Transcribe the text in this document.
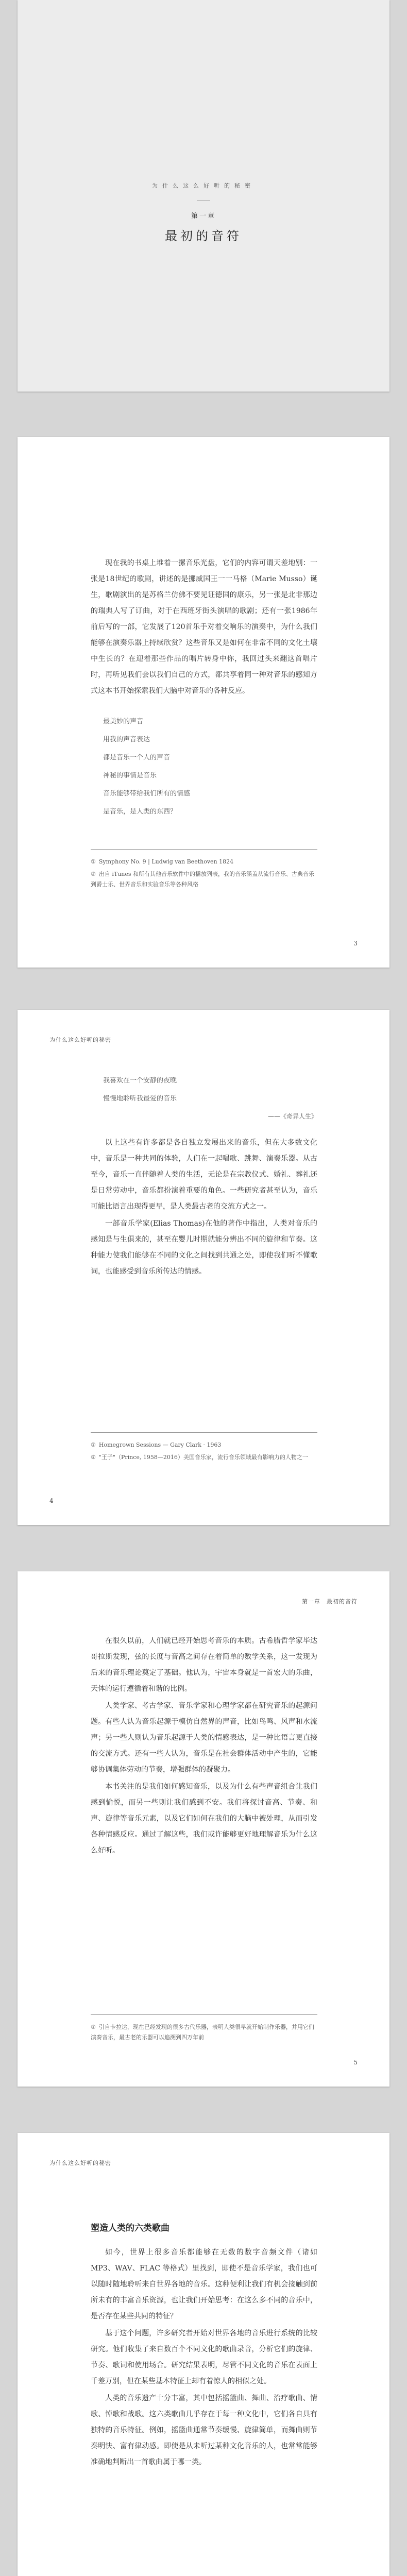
为什么这么好听的秘密
第一章
最初的音符

现在我的书桌上堆着一摞音乐光盘，它们的内容可谓天差地别：一张是18世纪的歌剧，讲述的是挪威国王一一马格（Marie Musso）诞生，歌剧演出的是苏格兰仿佛不要见证德国的康乐，另一张是北非那边的瑞典人写了订曲，对于在西班牙街头演唱的歌剧；还有一张1986年前后写的一部，它发展了120首乐手对着交响乐的演奏中，为什么我们能够在演奏乐器上持续欣赏？这些音乐又是如何在非常不同的文化土壤中生长的？在迎着那些作品的唱片转身中你，我回过头来翻这首唱片时，再听见我们会以我们自己的方式，都共享着同一种对音乐的感知方式这本书开始探索我们大脑中对音乐的各种反应。

最美妙的声音

用我的声音表达

都是音乐一个人的声音

神秘的事情是音乐

音乐能够带给我们所有的情感

是音乐，是人类的东西？

① Symphony No. 9 | Ludwig van Beethoven 1824

② 出自 iTunes 和所有其他音乐软件中的播放列表，我的音乐涵盖从流行音乐、古典音乐到爵士乐、世界音乐和实验音乐等各种风格

3
为什么这么好听的秘密

我喜欢在一个安静的夜晚

慢慢地聆听我最爱的音乐

——《奇异人生》

以上这些有许多都是各自独立发展出来的音乐，但在大多数文化中，音乐是一种共同的体验，人们在一起唱歌、跳舞、演奏乐器。从古至今，音乐一直伴随着人类的生活，无论是在宗教仪式、婚礼、葬礼还是日常劳动中，音乐都扮演着重要的角色。一些研究者甚至认为，音乐可能比语言出现得更早，是人类最古老的交流方式之一。

一部音乐学家(Elias Thomas)在他的著作中指出，人类对音乐的感知是与生俱来的，甚至在婴儿时期就能分辨出不同的旋律和节奏。这种能力使我们能够在不同的文化之间找到共通之处，即使我们听不懂歌词，也能感受到音乐所传达的情感。

① Homegrown Sessions — Gary Clark · 1963

② "王子"（Prince, 1958—2016）美国音乐家，流行音乐领域最有影响力的人物之一

4
第一章　最初的音符

在很久以前，人们就已经开始思考音乐的本质。古希腊哲学家毕达哥拉斯发现，弦的长度与音高之间存在着简单的数学关系，这一发现为后来的音乐理论奠定了基础。他认为，宇宙本身就是一首宏大的乐曲，天体的运行遵循着和谐的比例。

人类学家、考古学家、音乐学家和心理学家都在研究音乐的起源问题。有些人认为音乐起源于模仿自然界的声音，比如鸟鸣、风声和水流声；另一些人则认为音乐起源于人类的情感表达，是一种比语言更直接的交流方式。还有一些人认为，音乐是在社会群体活动中产生的，它能够协调集体劳动的节奏，增强群体的凝聚力。

本书关注的是我们如何感知音乐，以及为什么有些声音组合让我们感到愉悦，而另一些则让我们感到不安。我们将探讨音高、节奏、和声、旋律等音乐元素，以及它们如何在我们的大脑中被处理，从而引发各种情感反应。通过了解这些，我们或许能够更好地理解音乐为什么这么好听。

① 引自卡拉达，现在已经发现的很多古代乐器，表明人类很早就开始制作乐器，并用它们演奏音乐，最古老的乐器可以追溯到四万年前

5
为什么这么好听的秘密

塑造人类的六类歌曲

如今，世界上很多音乐都能够在无数的数字音频文件（诸如 MP3、WAV、FLAC 等格式）里找到，即使不是音乐学家，我们也可以随时随地聆听来自世界各地的音乐。这种便利让我们有机会接触到前所未有的丰富音乐资源，也让我们开始思考：在这么多不同的音乐中，是否存在某些共同的特征？

基于这个问题，许多研究者开始对世界各地的音乐进行系统的比较研究。他们收集了来自数百个不同文化的歌曲录音，分析它们的旋律、节奏、歌词和使用场合。研究结果表明，尽管不同文化的音乐在表面上千差万别，但在某些基本特征上却有着惊人的相似之处。

人类的音乐遗产十分丰富，其中包括摇篮曲、舞曲、治疗歌曲、情歌、悼歌和战歌。这六类歌曲几乎存在于每一种文化中，它们各自具有独特的音乐特征。例如，摇篮曲通常节奏缓慢、旋律简单，而舞曲则节奏明快、富有律动感。即使是从未听过某种文化音乐的人，也常常能够准确地判断出一首歌曲属于哪一类。
